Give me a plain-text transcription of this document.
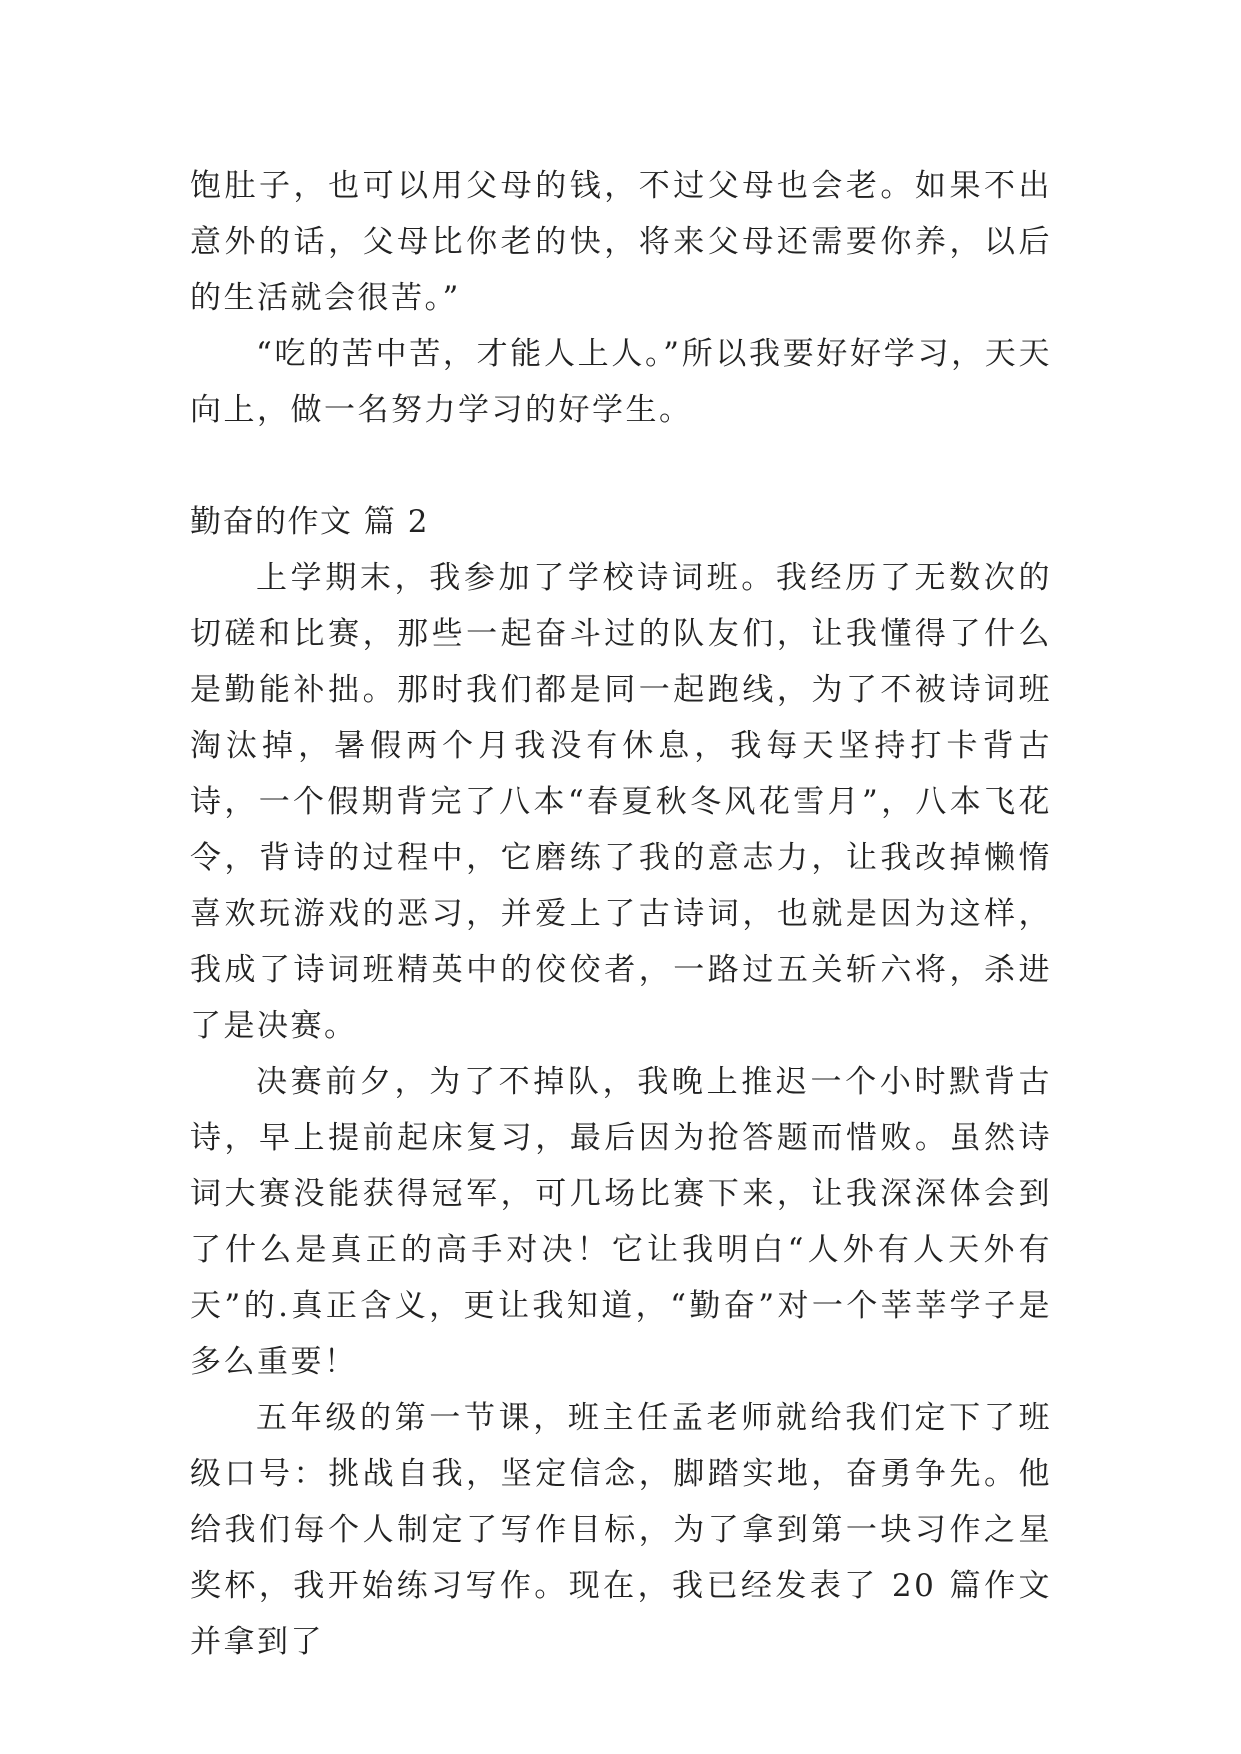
饱肚子，也可以用父母的钱，不过父母也会老。如果不出意外的话，父母比你老的快，将来父母还需要你养，以后的生活就会很苦。”

“吃的苦中苦，才能人上人。”所以我要好好学习，天天向上，做一名努力学习的好学生。

勤奋的作文 篇 2

上学期末，我参加了学校诗词班。我经历了无数次的切磋和比赛，那些一起奋斗过的队友们，让我懂得了什么是勤能补拙。那时我们都是同一起跑线，为了不被诗词班淘汰掉，暑假两个月我没有休息，我每天坚持打卡背古诗，一个假期背完了八本“春夏秋冬风花雪月”，八本飞花令，背诗的过程中，它磨练了我的意志力，让我改掉懒惰喜欢玩游戏的恶习，并爱上了古诗词，也就是因为这样，我成了诗词班精英中的佼佼者，一路过五关斩六将，杀进了是决赛。

决赛前夕，为了不掉队，我晚上推迟一个小时默背古诗，早上提前起床复习，最后因为抢答题而惜败。虽然诗词大赛没能获得冠军，可几场比赛下来，让我深深体会到了什么是真正的高手对决！它让我明白“人外有人天外有天”的.真正含义，更让我知道，“勤奋”对一个莘莘学子是多么重要！

五年级的第一节课，班主任孟老师就给我们定下了班级口号：挑战自我，坚定信念，脚踏实地，奋勇争先。他给我们每个人制定了写作目标，为了拿到第一块习作之星奖杯，我开始练习写作。现在，我已经发表了 20 篇作文并拿到了
